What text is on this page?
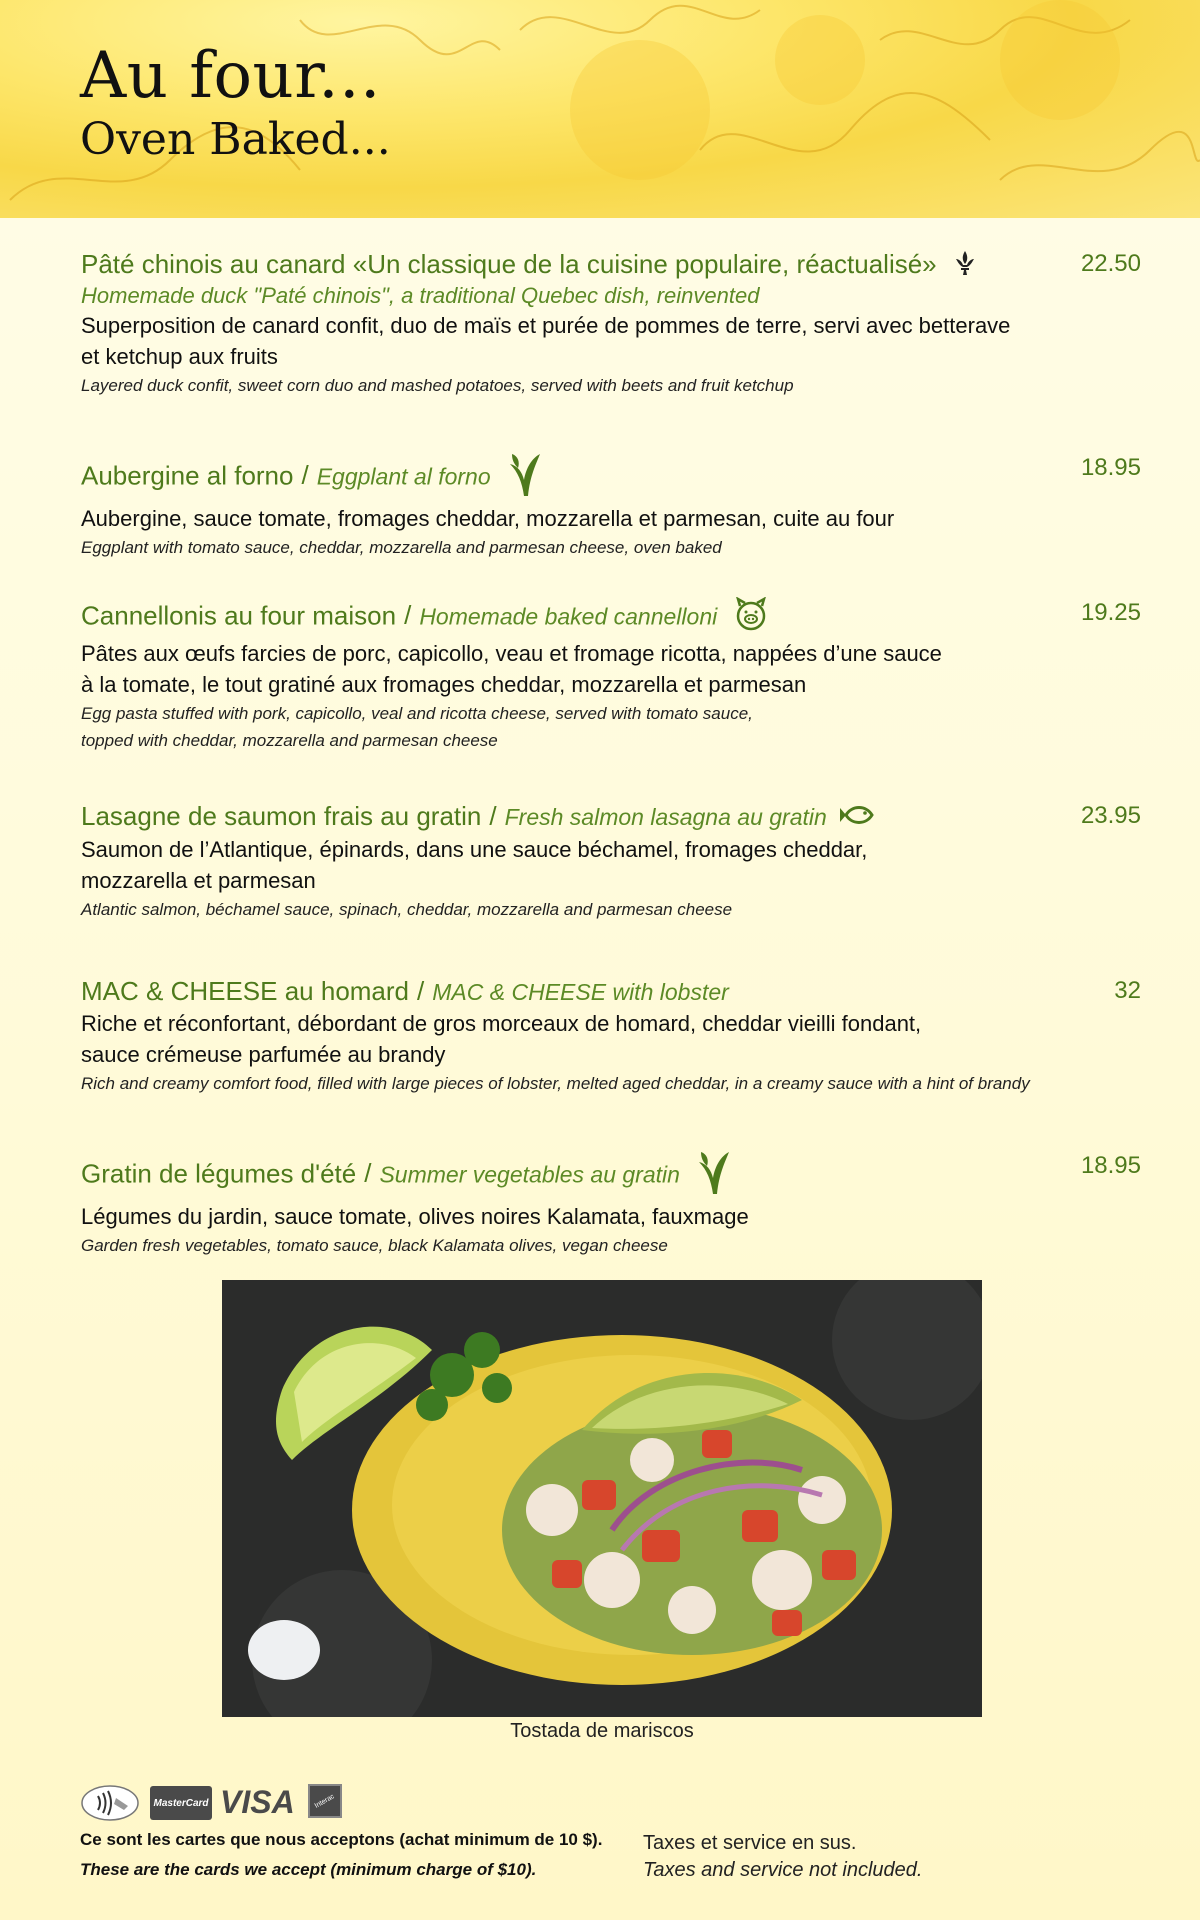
Au four...
Oven Baked...
Pâté chinois au canard «Un classique de la cuisine populaire, réactualisé»	22.50
Homemade duck "Paté chinois", a traditional Quebec dish, reinvented
Superposition de canard confit, duo de maïs et purée de pommes de terre, servi avec betterave
et ketchup aux fruits
Layered duck confit, sweet corn duo and mashed potatoes, served with beets and fruit ketchup
Aubergine al forno / Eggplant al forno	18.95
Aubergine, sauce tomate, fromages cheddar, mozzarella et parmesan, cuite au four
Eggplant with tomato sauce, cheddar, mozzarella and parmesan cheese, oven baked
Cannellonis au four maison / Homemade baked cannelloni	19.25
Pâtes aux œufs farcies de porc, capicollo, veau et fromage ricotta, nappées d’une sauce
à la tomate, le tout gratiné aux fromages cheddar, mozzarella et parmesan
Egg pasta stuffed with pork, capicollo, veal and ricotta cheese, served with tomato sauce,
topped with cheddar, mozzarella and parmesan cheese
Lasagne de saumon frais au gratin / Fresh salmon lasagna au gratin	23.95
Saumon de l’Atlantique, épinards, dans une sauce béchamel, fromages cheddar,
mozzarella et parmesan
Atlantic salmon, béchamel sauce, spinach, cheddar, mozzarella and parmesan cheese
MAC & CHEESE au homard / MAC & CHEESE with lobster	32
Riche et réconfortant, débordant de gros morceaux de homard, cheddar vieilli fondant,
sauce crémeuse parfumée au brandy
Rich and creamy comfort food, filled with large pieces of lobster, melted aged cheddar, in a creamy sauce with a hint of brandy
Gratin de légumes d'été / Summer vegetables au gratin	18.95
Légumes du jardin, sauce tomate, olives noires Kalamata, fauxmage
Garden fresh vegetables, tomato sauce, black Kalamata olives, vegan cheese
Tostada de mariscos
MasterCard VISA	Interac
Ce sont les cartes que nous acceptons (achat minimum de 10 $).
These are the cards we accept (minimum charge of $10).
Taxes et service en sus.
Taxes and service not included.
